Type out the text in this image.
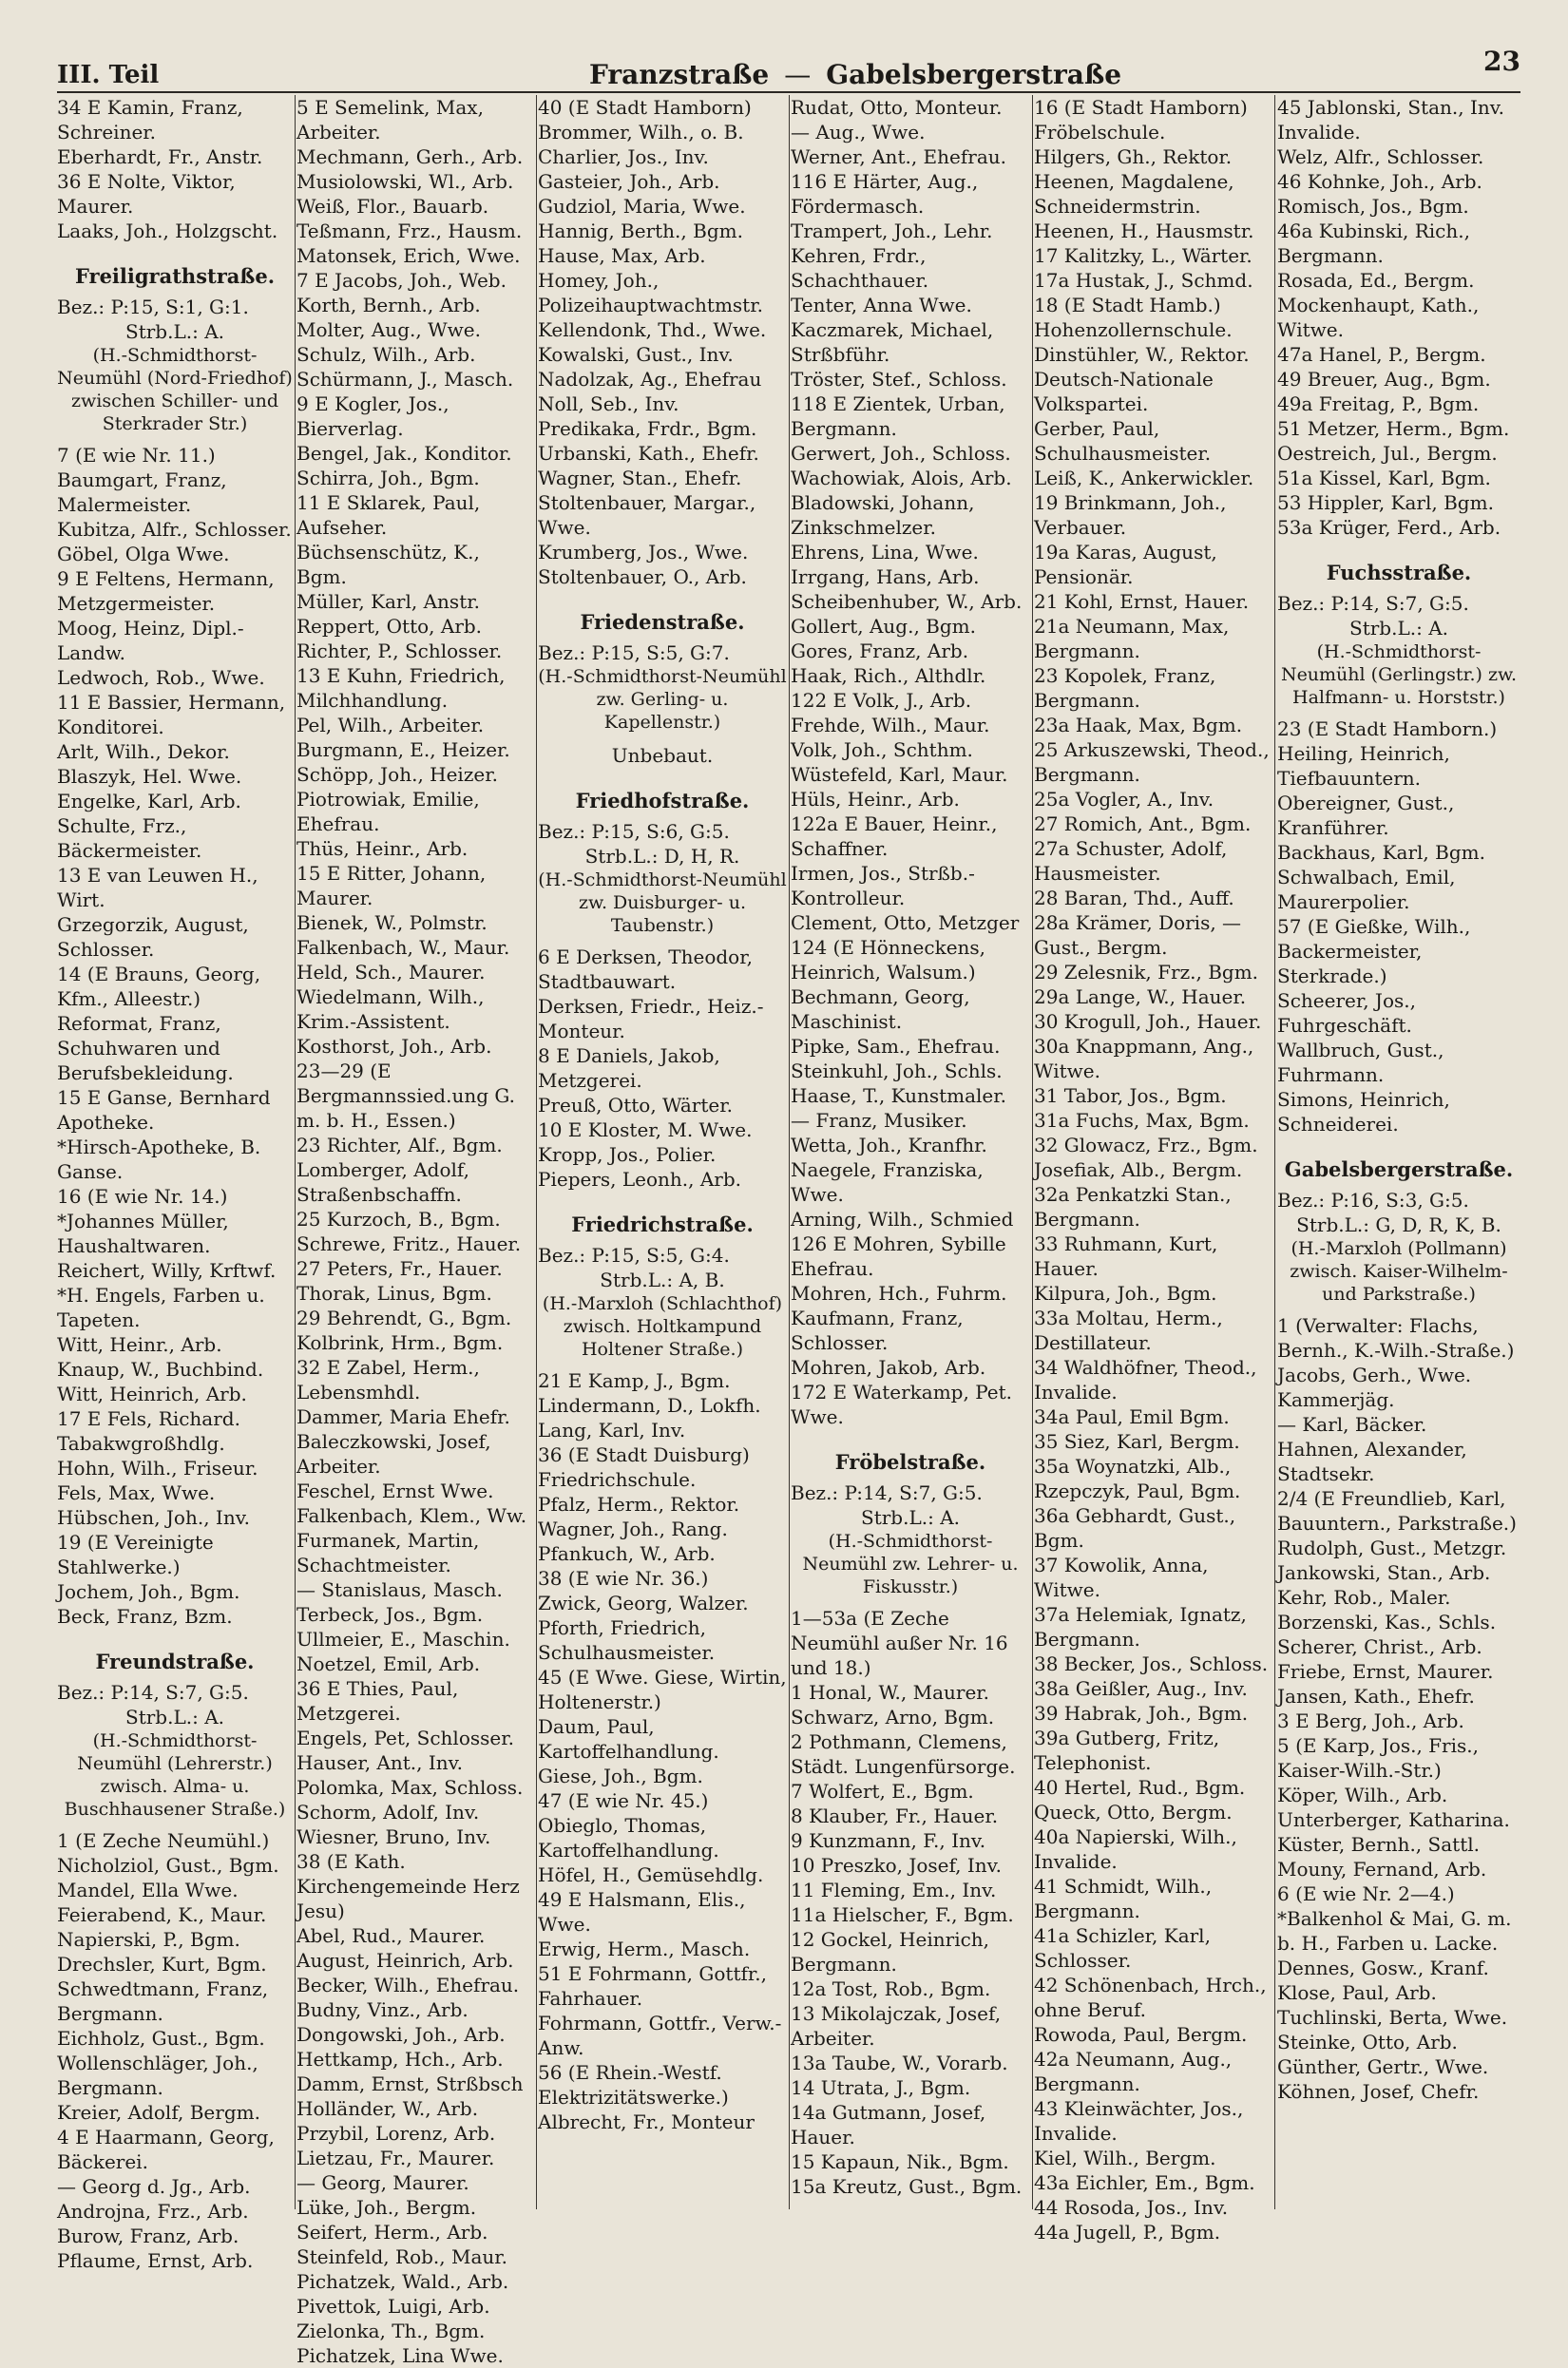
III. Teil	Franzstraße — Gabelsbergerstraße	23
34 E Kamin, Franz, Schreiner.
Eberhardt, Fr., Anstr.
36 E Nolte, Viktor, Maurer.
Laaks, Joh., Holzgscht.
Freiligrathstraße.
Bez.: P:15, S:1, G:1.
Strb.L.: A.
(H.-Schmidthorst-Neumühl (Nord-Friedhof) zwischen Schiller- und Sterkrader Str.)
7 (E wie Nr. 11.)
Baumgart, Franz, Malermeister.
Kubitza, Alfr., Schlosser.
Göbel, Olga Wwe.
9 E Feltens, Hermann, Metzgermeister.
Moog, Heinz, Dipl.-Landw.
Ledwoch, Rob., Wwe.
11 E Bassier, Hermann, Konditorei.
Arlt, Wilh., Dekor.
Blaszyk, Hel. Wwe.
Engelke, Karl, Arb.
Schulte, Frz., Bäckermeister.
13 E van Leuwen H., Wirt.
Grzegorzik, August, Schlosser.
14 (E Brauns, Georg, Kfm., Alleestr.)
Reformat, Franz, Schuhwaren und Berufsbekleidung.
15 E Ganse, Bernhard Apotheke.
*Hirsch-Apotheke, B. Ganse.
16 (E wie Nr. 14.)
*Johannes Müller, Haushaltwaren.
Reichert, Willy, Krftwf.
*H. Engels, Farben u. Tapeten.
Witt, Heinr., Arb.
Knaup, W., Buchbind.
Witt, Heinrich, Arb.
17 E Fels, Richard. Tabakwgroßhdlg.
Hohn, Wilh., Friseur.
Fels, Max, Wwe.
Hübschen, Joh., Inv.
19 (E Vereinigte Stahlwerke.)
Jochem, Joh., Bgm.
Beck, Franz, Bzm.
Freundstraße.
Bez.: P:14, S:7, G:5.
Strb.L.: A.
(H.-Schmidthorst-Neumühl (Lehrerstr.) zwisch. Alma- u. Buschhausener Straße.)
1 (E Zeche Neumühl.)
Nicholziol, Gust., Bgm.
Mandel, Ella Wwe.
Feierabend, K., Maur.
Napierski, P., Bgm.
Drechsler, Kurt, Bgm.
Schwedtmann, Franz, Bergmann.
Eichholz, Gust., Bgm.
Wollenschläger, Joh., Bergmann.
Kreier, Adolf, Bergm.
4 E Haarmann, Georg, Bäckerei.
— Georg d. Jg., Arb.
Androjna, Frz., Arb.
Burow, Franz, Arb.
Pflaume, Ernst, Arb.
5 E Semelink, Max, Arbeiter.
Mechmann, Gerh., Arb.
Musiolowski, Wl., Arb.
Weiß, Flor., Bauarb.
Teßmann, Frz., Hausm.
Matonsek, Erich, Wwe.
7 E Jacobs, Joh., Web.
Korth, Bernh., Arb.
Molter, Aug., Wwe.
Schulz, Wilh., Arb.
Schürmann, J., Masch.
9 E Kogler, Jos., Bierverlag.
Bengel, Jak., Konditor.
Schirra, Joh., Bgm.
11 E Sklarek, Paul, Aufseher.
Büchsenschütz, K., Bgm.
Müller, Karl, Anstr.
Reppert, Otto, Arb.
Richter, P., Schlosser.
13 E Kuhn, Friedrich, Milchhandlung.
Pel, Wilh., Arbeiter.
Burgmann, E., Heizer.
Schöpp, Joh., Heizer.
Piotrowiak, Emilie, Ehefrau.
Thüs, Heinr., Arb.
15 E Ritter, Johann, Maurer.
Bienek, W., Polmstr.
Falkenbach, W., Maur.
Held, Sch., Maurer.
Wiedelmann, Wilh., Krim.-Assistent.
Kosthorst, Joh., Arb.
23—29 (E Bergmannssied.ung G. m. b. H., Essen.)
23 Richter, Alf., Bgm.
Lomberger, Adolf, Straßenbschaffn.
25 Kurzoch, B., Bgm.
Schrewe, Fritz., Hauer.
27 Peters, Fr., Hauer.
Thorak, Linus, Bgm.
29 Behrendt, G., Bgm.
Kolbrink, Hrm., Bgm.
32 E Zabel, Herm., Lebensmhdl.
Dammer, Maria Ehefr.
Baleczkowski, Josef, Arbeiter.
Feschel, Ernst Wwe.
Falkenbach, Klem., Ww.
Furmanek, Martin, Schachtmeister.
— Stanislaus, Masch.
Terbeck, Jos., Bgm.
Ullmeier, E., Maschin.
Noetzel, Emil, Arb.
36 E Thies, Paul, Metzgerei.
Engels, Pet, Schlosser.
Hauser, Ant., Inv.
Polomka, Max, Schloss.
Schorm, Adolf, Inv.
Wiesner, Bruno, Inv.
38 (E Kath. Kirchengemeinde Herz Jesu)
Abel, Rud., Maurer.
August, Heinrich, Arb.
Becker, Wilh., Ehefrau.
Budny, Vinz., Arb.
Dongowski, Joh., Arb.
Hettkamp, Hch., Arb.
Damm, Ernst, Strßbsch
Holländer, W., Arb.
Przybil, Lorenz, Arb.
Lietzau, Fr., Maurer.
— Georg, Maurer.
Lüke, Joh., Bergm.
Seifert, Herm., Arb.
Steinfeld, Rob., Maur.
Pichatzek, Wald., Arb.
Pivettok, Luigi, Arb.
Zielonka, Th., Bgm.
Pichatzek, Lina Wwe.
40 (E Stadt Hamborn)
Brommer, Wilh., o. B.
Charlier, Jos., Inv.
Gasteier, Joh., Arb.
Gudziol, Maria, Wwe.
Hannig, Berth., Bgm.
Hause, Max, Arb.
Homey, Joh., Polizeihauptwachtmstr.
Kellendonk, Thd., Wwe.
Kowalski, Gust., Inv.
Nadolzak, Ag., Ehefrau
Noll, Seb., Inv.
Predikaka, Frdr., Bgm.
Urbanski, Kath., Ehefr.
Wagner, Stan., Ehefr.
Stoltenbauer, Margar., Wwe.
Krumberg, Jos., Wwe.
Stoltenbauer, O., Arb.
Friedenstraße.
Bez.: P:15, S:5, G:7.
(H.-Schmidthorst-Neumühl zw. Gerling- u. Kapellenstr.)
Unbebaut.
Friedhofstraße.
Bez.: P:15, S:6, G:5.
Strb.L.: D, H, R.
(H.-Schmidthorst-Neumühl zw. Duisburger- u. Taubenstr.)
6 E Derksen, Theodor, Stadtbauwart.
Derksen, Friedr., Heiz.-Monteur.
8 E Daniels, Jakob, Metzgerei.
Preuß, Otto, Wärter.
10 E Kloster, M. Wwe.
Kropp, Jos., Polier.
Piepers, Leonh., Arb.
Friedrichstraße.
Bez.: P:15, S:5, G:4.
Strb.L.: A, B.
(H.-Marxloh (Schlachthof) zwisch. Holtkampund Holtener Straße.)
21 E Kamp, J., Bgm.
Lindermann, D., Lokfh.
Lang, Karl, Inv.
36 (E Stadt Duisburg) Friedrichschule.
Pfalz, Herm., Rektor.
Wagner, Joh., Rang.
Pfankuch, W., Arb.
38 (E wie Nr. 36.)
Zwick, Georg, Walzer.
Pforth, Friedrich, Schulhausmeister.
45 (E Wwe. Giese, Wirtin, Holtenerstr.)
Daum, Paul, Kartoffelhandlung.
Giese, Joh., Bgm.
47 (E wie Nr. 45.)
Obieglo, Thomas, Kartoffelhandlung.
Höfel, H., Gemüsehdlg.
49 E Halsmann, Elis., Wwe.
Erwig, Herm., Masch.
51 E Fohrmann, Gottfr., Fahrhauer.
Fohrmann, Gottfr., Verw.-Anw.
56 (E Rhein.-Westf. Elektrizitätswerke.)
Albrecht, Fr., Monteur
Rudat, Otto, Monteur.
— Aug., Wwe.
Werner, Ant., Ehefrau.
116 E Härter, Aug., Fördermasch.
Trampert, Joh., Lehr.
Kehren, Frdr., Schachthauer.
Tenter, Anna Wwe.
Kaczmarek, Michael, Strßbführ.
Tröster, Stef., Schloss.
118 E Zientek, Urban, Bergmann.
Gerwert, Joh., Schloss.
Wachowiak, Alois, Arb.
Bladowski, Johann, Zinkschmelzer.
Ehrens, Lina, Wwe.
Irrgang, Hans, Arb.
Scheibenhuber, W., Arb.
Gollert, Aug., Bgm.
Gores, Franz, Arb.
Haak, Rich., Althdlr.
122 E Volk, J., Arb.
Frehde, Wilh., Maur.
Volk, Joh., Schthm.
Wüstefeld, Karl, Maur.
Hüls, Heinr., Arb.
122a E Bauer, Heinr., Schaffner.
Irmen, Jos., Strßb.-Kontrolleur.
Clement, Otto, Metzger
124 (E Hönneckens, Heinrich, Walsum.)
Bechmann, Georg, Maschinist.
Pipke, Sam., Ehefrau.
Steinkuhl, Joh., Schls.
Haase, T., Kunstmaler.
— Franz, Musiker.
Wetta, Joh., Kranfhr.
Naegele, Franziska, Wwe.
Arning, Wilh., Schmied
126 E Mohren, Sybille Ehefrau.
Mohren, Hch., Fuhrm.
Kaufmann, Franz, Schlosser.
Mohren, Jakob, Arb.
172 E Waterkamp, Pet. Wwe.
Fröbelstraße.
Bez.: P:14, S:7, G:5.
Strb.L.: A.
(H.-Schmidthorst-Neumühl zw. Lehrer- u. Fiskusstr.)
1—53a (E Zeche Neumühl außer Nr. 16 und 18.)
1 Honal, W., Maurer.
Schwarz, Arno, Bgm.
2 Pothmann, Clemens, Städt. Lungenfürsorge.
7 Wolfert, E., Bgm.
8 Klauber, Fr., Hauer.
9 Kunzmann, F., Inv.
10 Preszko, Josef, Inv.
11 Fleming, Em., Inv.
11a Hielscher, F., Bgm.
12 Gockel, Heinrich, Bergmann.
12a Tost, Rob., Bgm.
13 Mikolajczak, Josef, Arbeiter.
13a Taube, W., Vorarb.
14 Utrata, J., Bgm.
14a Gutmann, Josef, Hauer.
15 Kapaun, Nik., Bgm.
15a Kreutz, Gust., Bgm.
16 (E Stadt Hamborn) Fröbelschule.
Hilgers, Gh., Rektor.
Heenen, Magdalene, Schneidermstrin.
Heenen, H., Hausmstr.
17 Kalitzky, L., Wärter.
17a Hustak, J., Schmd.
18 (E Stadt Hamb.) Hohenzollernschule.
Dinstühler, W., Rektor.
Deutsch-Nationale Volkspartei.
Gerber, Paul, Schulhausmeister.
Leiß, K., Ankerwickler.
19 Brinkmann, Joh., Verbauer.
19a Karas, August, Pensionär.
21 Kohl, Ernst, Hauer.
21a Neumann, Max, Bergmann.
23 Kopolek, Franz, Bergmann.
23a Haak, Max, Bgm.
25 Arkuszewski, Theod., Bergmann.
25a Vogler, A., Inv.
27 Romich, Ant., Bgm.
27a Schuster, Adolf, Hausmeister.
28 Baran, Thd., Auff.
28a Krämer, Doris, — Gust., Bergm.
29 Zelesnik, Frz., Bgm.
29a Lange, W., Hauer.
30 Krogull, Joh., Hauer.
30a Knappmann, Ang., Witwe.
31 Tabor, Jos., Bgm.
31a Fuchs, Max, Bgm.
32 Glowacz, Frz., Bgm.
Josefiak, Alb., Bergm.
32a Penkatzki Stan., Bergmann.
33 Ruhmann, Kurt, Hauer.
Kilpura, Joh., Bgm.
33a Moltau, Herm., Destillateur.
34 Waldhöfner, Theod., Invalide.
34a Paul, Emil Bgm.
35 Siez, Karl, Bergm.
35a Woynatzki, Alb., Rzepczyk, Paul, Bgm.
36a Gebhardt, Gust., Bgm.
37 Kowolik, Anna, Witwe.
37a Helemiak, Ignatz, Bergmann.
38 Becker, Jos., Schloss.
38a Geißler, Aug., Inv.
39 Habrak, Joh., Bgm.
39a Gutberg, Fritz, Telephonist.
40 Hertel, Rud., Bgm.
Queck, Otto, Bergm.
40a Napierski, Wilh., Invalide.
41 Schmidt, Wilh., Bergmann.
41a Schizler, Karl, Schlosser.
42 Schönenbach, Hrch., ohne Beruf.
Rowoda, Paul, Bergm.
42a Neumann, Aug., Bergmann.
43 Kleinwächter, Jos., Invalide.
Kiel, Wilh., Bergm.
43a Eichler, Em., Bgm.
44 Rosoda, Jos., Inv.
44a Jugell, P., Bgm.
45 Jablonski, Stan., Inv. Invalide.
Welz, Alfr., Schlosser.
46 Kohnke, Joh., Arb.
Romisch, Jos., Bgm.
46a Kubinski, Rich., Bergmann.
Rosada, Ed., Bergm.
Mockenhaupt, Kath., Witwe.
47a Hanel, P., Bergm.
49 Breuer, Aug., Bgm.
49a Freitag, P., Bgm.
51 Metzer, Herm., Bgm.
Oestreich, Jul., Bergm.
51a Kissel, Karl, Bgm.
53 Hippler, Karl, Bgm.
53a Krüger, Ferd., Arb.
Fuchsstraße.
Bez.: P:14, S:7, G:5.
Strb.L.: A.
(H.-Schmidthorst-Neumühl (Gerlingstr.) zw. Halfmann- u. Horststr.)
23 (E Stadt Hamborn.)
Heiling, Heinrich, Tiefbauuntern.
Obereigner, Gust., Kranführer.
Backhaus, Karl, Bgm.
Schwalbach, Emil, Maurerpolier.
57 (E Gießke, Wilh., Backermeister, Sterkrade.)
Scheerer, Jos., Fuhrgeschäft.
Wallbruch, Gust., Fuhrmann.
Simons, Heinrich, Schneiderei.
Gabelsbergerstraße.
Bez.: P:16, S:3, G:5.
Strb.L.: G, D, R, K, B.
(H.-Marxloh (Pollmann) zwisch. Kaiser-Wilhelm- und Parkstraße.)
1 (Verwalter: Flachs, Bernh., K.-Wilh.-Straße.)
Jacobs, Gerh., Wwe. Kammerjäg.
— Karl, Bäcker.
Hahnen, Alexander, Stadtsekr.
2/4 (E Freundlieb, Karl, Bauuntern., Parkstraße.)
Rudolph, Gust., Metzgr.
Jankowski, Stan., Arb.
Kehr, Rob., Maler.
Borzenski, Kas., Schls.
Scherer, Christ., Arb.
Friebe, Ernst, Maurer.
Jansen, Kath., Ehefr.
3 E Berg, Joh., Arb.
5 (E Karp, Jos., Fris., Kaiser-Wilh.-Str.)
Köper, Wilh., Arb.
Unterberger, Katharina.
Küster, Bernh., Sattl.
Mouny, Fernand, Arb.
6 (E wie Nr. 2—4.)
*Balkenhol & Mai, G. m. b. H., Farben u. Lacke.
Dennes, Gosw., Kranf.
Klose, Paul, Arb.
Tuchlinski, Berta, Wwe.
Steinke, Otto, Arb.
Günther, Gertr., Wwe.
Köhnen, Josef, Chefr.
